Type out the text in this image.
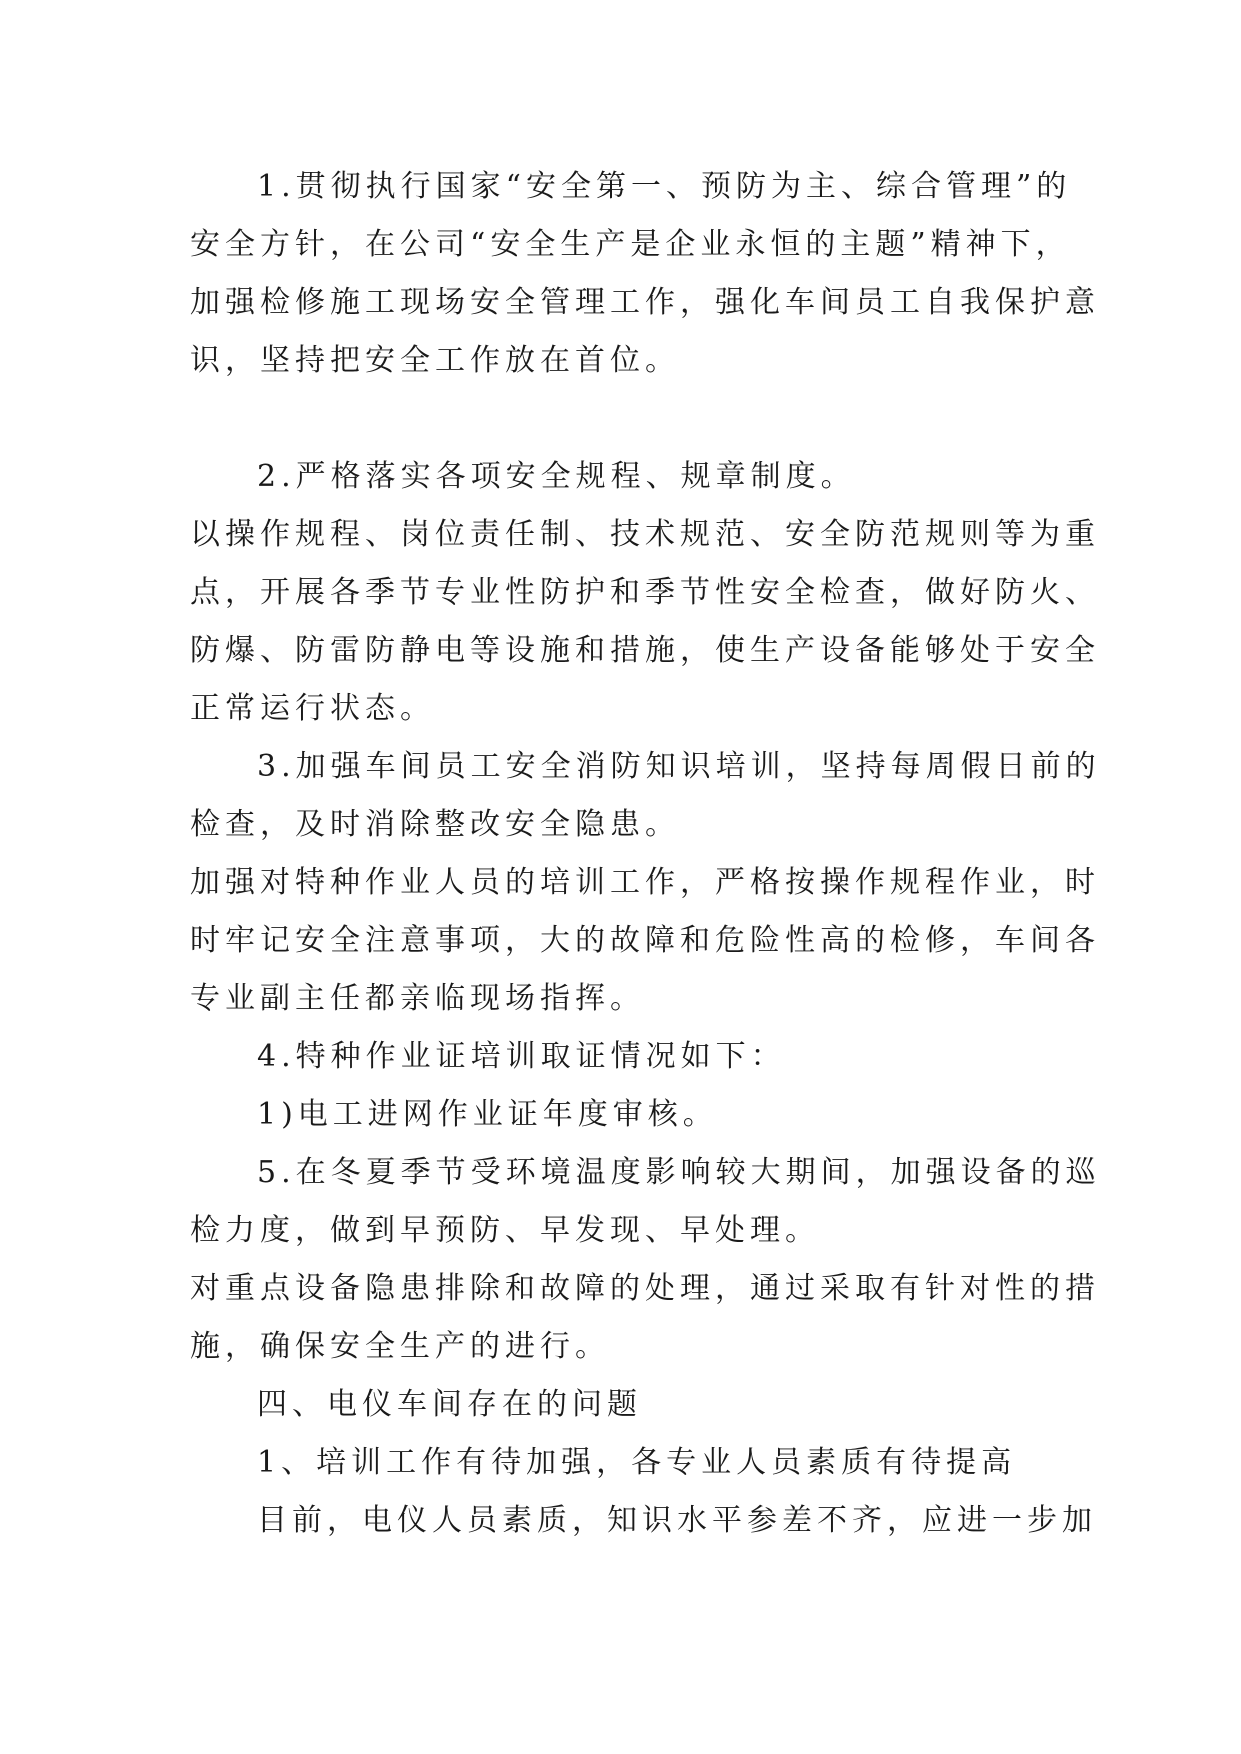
1.贯彻执行国家“安全第一、预防为主、综合管理”的
安全方针，在公司“安全生产是企业永恒的主题”精神下，
加强检修施工现场安全管理工作，强化车间员工自我保护意
识，坚持把安全工作放在首位。
2.严格落实各项安全规程、规章制度。
以操作规程、岗位责任制、技术规范、安全防范规则等为重
点，开展各季节专业性防护和季节性安全检查，做好防火、
防爆、防雷防静电等设施和措施，使生产设备能够处于安全
正常运行状态。
3.加强车间员工安全消防知识培训，坚持每周假日前的
检查，及时消除整改安全隐患。
加强对特种作业人员的培训工作，严格按操作规程作业，时
时牢记安全注意事项，大的故障和危险性高的检修，车间各
专业副主任都亲临现场指挥。
4.特种作业证培训取证情况如下：
1)电工进网作业证年度审核。
5.在冬夏季节受环境温度影响较大期间，加强设备的巡
检力度，做到早预防、早发现、早处理。
对重点设备隐患排除和故障的处理，通过采取有针对性的措
施，确保安全生产的进行。
四、电仪车间存在的问题
1、培训工作有待加强，各专业人员素质有待提高
目前，电仪人员素质，知识水平参差不齐，应进一步加
